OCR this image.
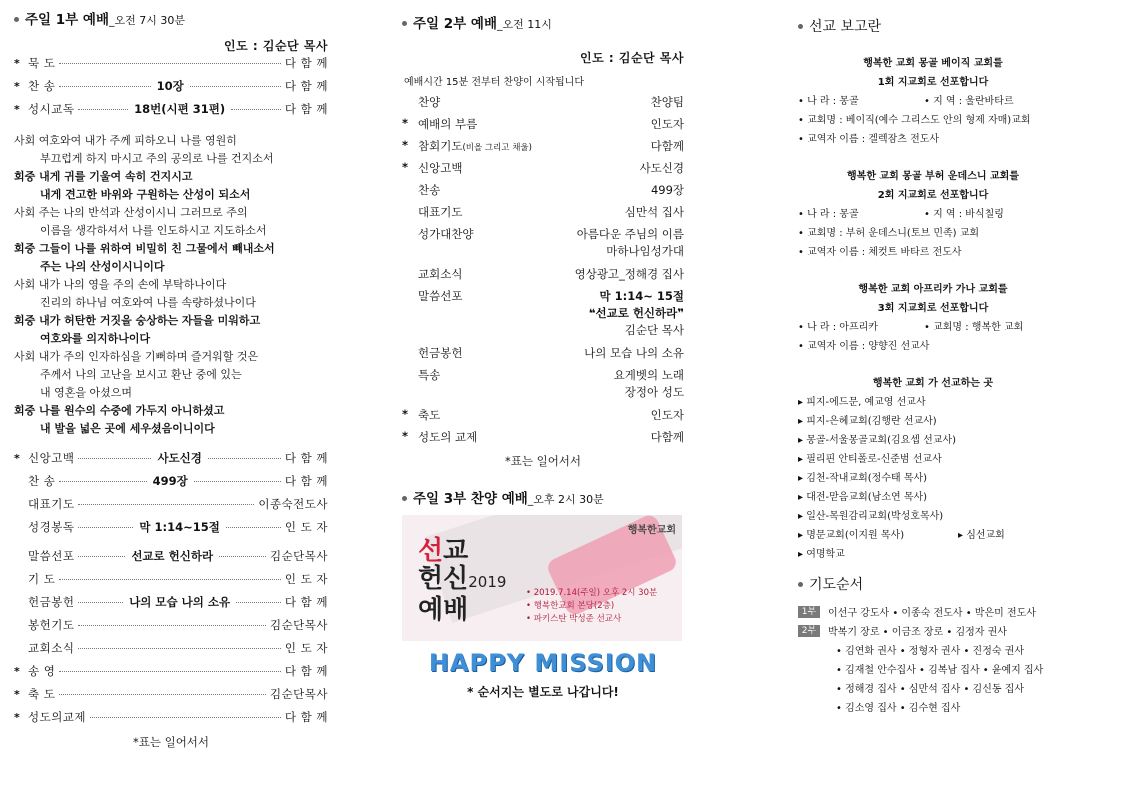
주일 1부 예배 _오전 7시 30분
인도 : 김순단 목사
* 묵 도	다 함 께
* 찬 송	10장	다 함 께
* 성시교독	18번(시편 31편)	다 함 께
사회 여호와여 내가 주께 피하오니 나를 영원히
부끄럽게 하지 마시고 주의 공의로 나를 건지소서
회중 내게 귀를 기울여 속히 건지시고
내게 견고한 바위와 구원하는 산성이 되소서
사회 주는 나의 반석과 산성이시니 그러므로 주의
이름을 생각하셔서 나를 인도하시고 지도하소서
회중 그들이 나를 위하여 비밀히 친 그물에서 빼내소서
주는 나의 산성이시니이다
사회 내가 나의 영을 주의 손에 부탁하나이다
진리의 하나님 여호와여 나를 속량하셨나이다
회중 내가 허탄한 거짓을 숭상하는 자들을 미워하고
여호와를 의지하나이다
사회 내가 주의 인자하심을 기뻐하며 즐거워할 것은
주께서 나의 고난을 보시고 환난 중에 있는
내 영혼을 아셨으며
회중 나를 원수의 수중에 가두지 아니하셨고
내 발을 넓은 곳에 세우셨음이니이다
* 신앙고백	사도신경	다 함 께
찬 송	499장	다 함 께
대표기도	이종숙전도사
성경봉독	막 1:14~15절	인 도 자
말씀선포	선교로 헌신하라	김순단목사
기 도	인 도 자
헌금봉헌	나의 모습 나의 소유	다 함 께
봉헌기도	김순단목사
교회소식	인 도 자
* 송 영	다 함 께
* 축 도	김순단목사
* 성도의교제	다 함 께
*표는 일어서서
주일 2부 예배 _오전 11시
인도 : 김순단 목사
예배시간 15분 전부터 찬양이 시작됩니다
찬양	찬양팀
* 예배의 부름	인도자
* 참회기도(비올 그리고 채울)	다함께
* 신앙고백	사도신경
찬송	499장
대표기도	심만석 집사
성가대찬양	아름다운 주님의 이름
마하나임성가대
교회소식	영상광고_정해경 집사
말씀선포	막 1:14~ 15절
❝선교로 헌신하라❞
김순단 목사
헌금봉헌	나의 모습 나의 소유
특송	요게벳의 노래
장정아 성도
* 축도	인도자
* 성도의 교제	다함께
*표는 일어서서
주일 3부 찬양 예배 _오후 2시 30분
행복한교회
선교
헌신2019
예배
• 2019.7.14(주일) 오후 2시 30분
• 행복한교회 본당(2층)
• 파키스탄 박성준 선교사
HAPPY MISSION
* 순서지는 별도로 나갑니다!
선교 보고란
행복한 교회 몽골 베이직 교회를
1회 지교회로 선포합니다
• 나 라 : 몽골	• 지 역 : 울란바타르
• 교회명 : 베이직(예수 그리스도 안의 형제 자매)교회
• 교역자 이름 : 겔렉잠츠 전도사
행복한 교회 몽골 부허 운데스니 교회를
2회 지교회로 선포합니다
• 나 라 : 몽골	• 지 역 : 바식칠링
• 교회명 : 부허 운데스니(토브 민족) 교회
• 교역자 이름 : 체컷트 바타르 전도사
행복한 교회 아프리카 가나 교회를
3회 지교회로 선포합니다
• 나 라 : 아프리카	• 교회명 : 행복한 교회
• 교역자 이름 : 양향진 선교사
행복한 교회 가 선교하는 곳
▸ 피지-에드문, 예교영 선교사
▸ 피지-은혜교회(김행란 선교사)
▸ 몽골-서울몽골교회(김요셉 선교사)
▸ 필리핀 안티폴로-신준범 선교사
▸ 김천-작내교회(정수태 목사)
▸ 대전-맏음교회(남소연 목사)
▸ 일산-목원감리교회(박성호목사)
▸ 명문교회(이지원 목사)	▸ 심선교회
▸ 여명학교
기도순서
1부	이선구 강도사 • 이종숙 전도사 • 박은미 전도사
2부	박복기 장로 • 이금조 장로 • 김정자 권사
• 김연화 권사 • 정형자 권사 • 진정숙 권사
• 김재철 안수집사 • 김복남 집사 • 윤예지 집사
• 정해경 집사 • 심만석 집사 • 김신동 집사
• 김소영 집사 • 김수현 집사
